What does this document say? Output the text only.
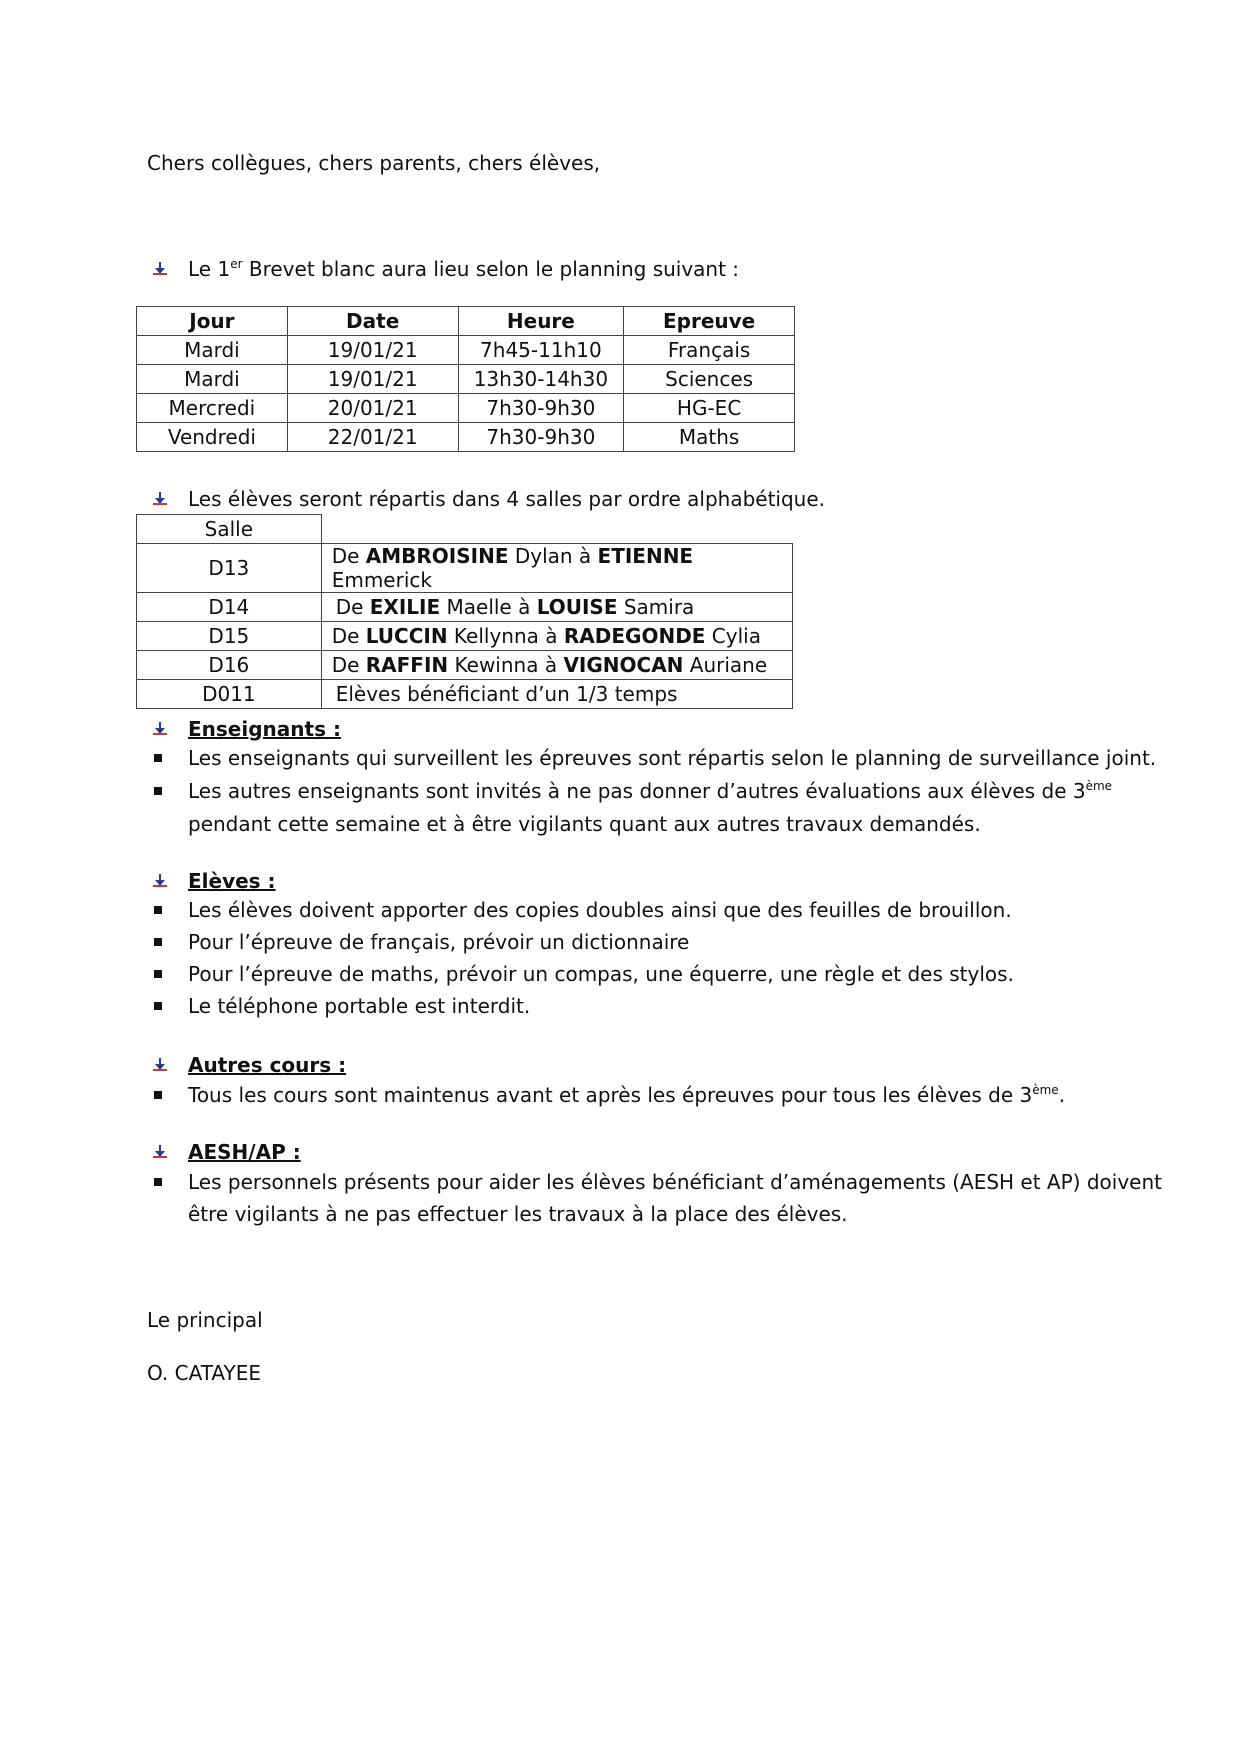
Chers collègues, chers parents, chers élèves,
Le 1er Brevet blanc aura lieu selon le planning suivant :
Jour	Date	Heure	Epreuve
Mardi	19/01/21	7h45-11h10	Français
Mardi	19/01/21	13h30-14h30	Sciences
Mercredi	20/01/21	7h30-9h30	HG-EC
Vendredi	22/01/21	7h30-9h30	Maths
Les élèves seront répartis dans 4 salles par ordre alphabétique.
Salle	
D13	De AMBROISINE Dylan à ETIENNE Emmerick
D14	De EXILIE Maelle à LOUISE Samira
D15	De LUCCIN Kellynna à RADEGONDE Cylia
D16	De RAFFIN Kewinna à VIGNOCAN Auriane
D011	Elèves bénéficiant d’un 1/3 temps
Enseignants :
Les enseignants qui surveillent les épreuves sont répartis selon le planning de surveillance joint.
Les autres enseignants sont invités à ne pas donner d’autres évaluations aux élèves de 3ème
pendant cette semaine et à être vigilants quant aux autres travaux demandés.
Elèves :
Les élèves doivent apporter des copies doubles ainsi que des feuilles de brouillon.
Pour l’épreuve de français, prévoir un dictionnaire
Pour l’épreuve de maths, prévoir un compas, une équerre, une règle et des stylos.
Le téléphone portable est interdit.
Autres cours :
Tous les cours sont maintenus avant et après les épreuves pour tous les élèves de 3ème.
AESH/AP :
Les personnels présents pour aider les élèves bénéficiant d’aménagements (AESH et AP) doivent
être vigilants à ne pas effectuer les travaux à la place des élèves.
Le principal
O. CATAYEE
